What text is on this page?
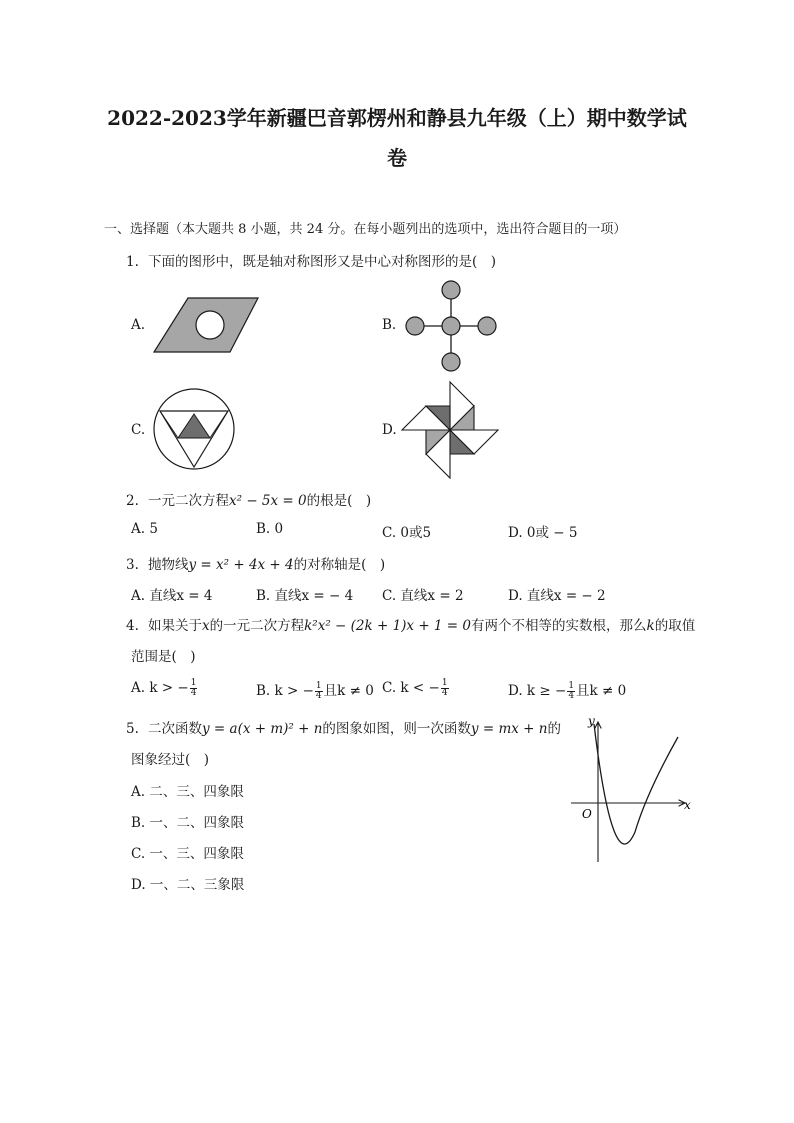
2022-2023学年新疆巴音郭楞州和静县九年级（上）期中数学试
卷
一、选择题（本大题共 8 小题，共 24 分。在每小题列出的选项中，选出符合题目的一项）
1. 下面的图形中，既是轴对称图形又是中心对称图形的是(　)
A.	B.
C.	D.
2. 一元二次方程x² − 5x = 0的根是(　)
A. 5	B. 0	C. 0或5	D. 0或 − 5
3. 抛物线y = x² + 4x + 4的对称轴是(　)
A. 直线x = 4	B. 直线x = − 4 C. 直线x = 2	D. 直线x = − 2
4. 如果关于x的一元二次方程k²x² − (2k + 1)x + 1 = 0有两个不相等的实数根，那么k的取值
范围是(　)
A. k > − $\frac{1}{4}$	B. k > − $\frac{1}{4}$ 且k ≠ 0 C. k < − $\frac{1}{4}$	D. k ≥ − $\frac{1}{4}$ 且k ≠ 0
5. 二次函数y = a(x + m)² + n的图象如图，则一次函数y = mx + n的
图象经过(　)
A. 二、三、四象限
B. 一、二、四象限
C. 一、三、四象限
D. 一、二、三象限
y
x
O
